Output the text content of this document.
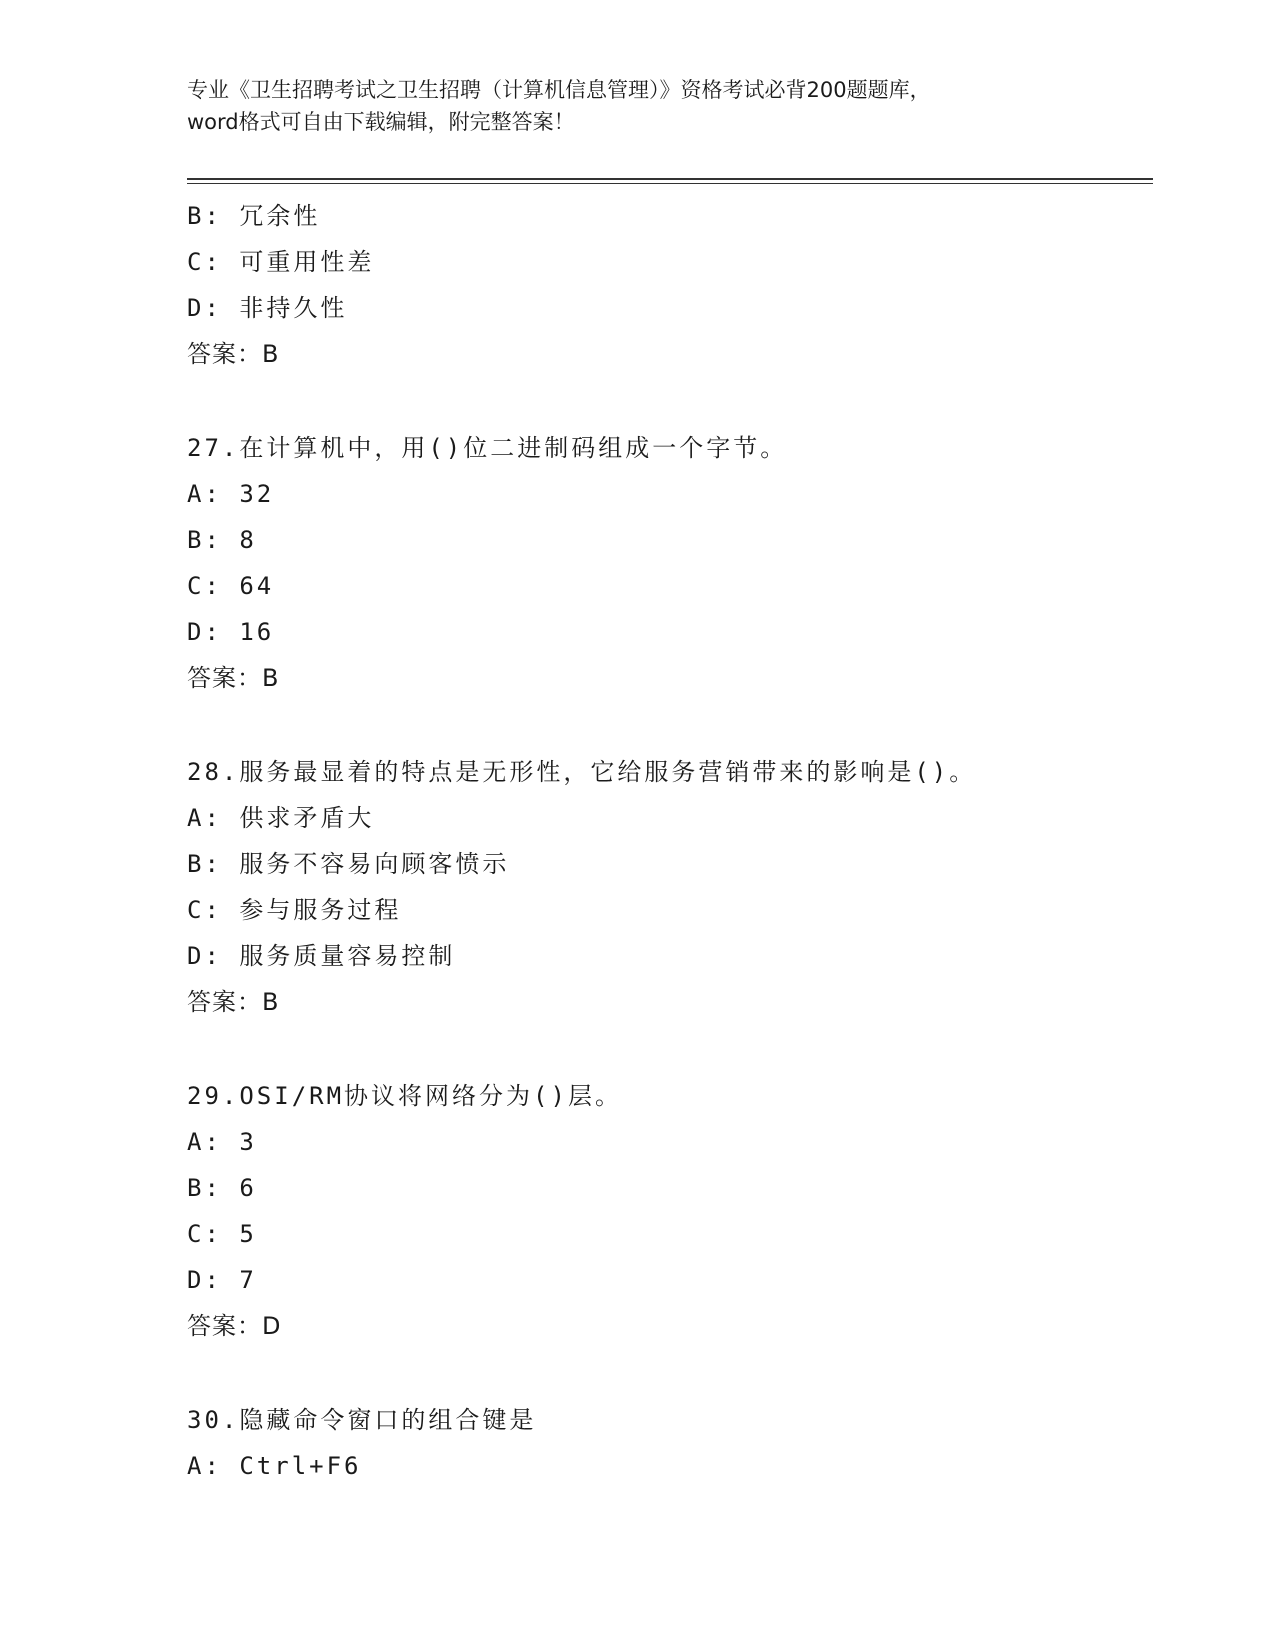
专业《卫生招聘考试之卫生招聘（计算机信息管理）》资格考试必背200题题库，
word格式可自由下载编辑，附完整答案！
B: 冗余性
C: 可重用性差
D: 非持久性
答案：B
27.在计算机中，用()位二进制码组成一个字节。
A: 32
B: 8
C: 64
D: 16
答案：B
28.服务最显着的特点是无形性，它给服务营销带来的影响是()。
A: 供求矛盾大
B: 服务不容易向顾客愤示
C: 参与服务过程
D: 服务质量容易控制
答案：B
29.OSI/RM协议将网络分为()层。
A: 3
B: 6
C: 5
D: 7
答案：D
30.隐藏命令窗口的组合键是
A: Ctrl+F6
